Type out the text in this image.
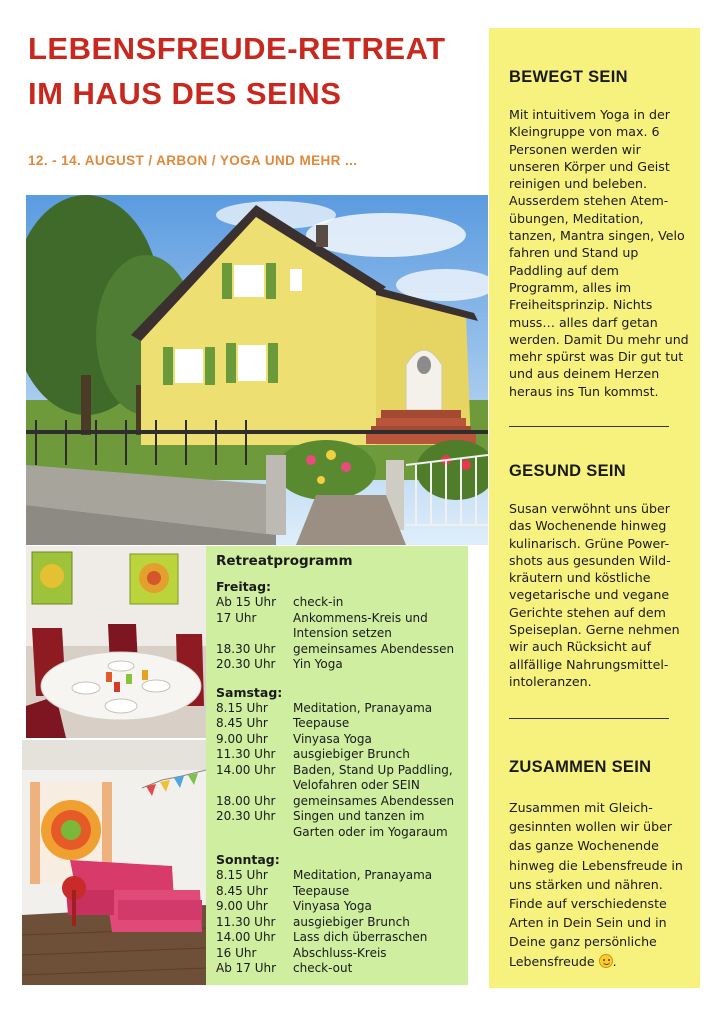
LEBENSFREUDE-RETREAT
IM HAUS DES SEINS
12. - 14. AUGUST / ARBON / YOGA UND MEHR ...
Retreatprogramm
Freitag:
Ab 15 Uhr	check-in
17 Uhr	Ankommens-Kreis und Intension setzen
18.30 Uhr	gemeinsames Abendessen
20.30 Uhr	Yin Yoga
Samstag:
8.15 Uhr	Meditation, Pranayama
8.45 Uhr	Teepause
9.00 Uhr	Vinyasa Yoga
11.30 Uhr	ausgiebiger Brunch
14.00 Uhr	Baden, Stand Up Paddling, Velofahren oder SEIN
18.00 Uhr	gemeinsames Abendessen
20.30 Uhr	Singen und tanzen im Garten oder im Yogaraum
Sonntag:
8.15 Uhr	Meditation, Pranayama
8.45 Uhr	Teepause
9.00 Uhr	Vinyasa Yoga
11.30 Uhr	ausgiebiger Brunch
14.00 Uhr	Lass dich überraschen
16 Uhr	Abschluss-Kreis
Ab 17 Uhr	check-out
BEWEGT SEIN
Mit intuitivem Yoga in der Kleingruppe von max. 6 Personen werden wir unseren Körper und Geist reinigen und beleben. Ausserdem stehen Atem-übungen, Meditation, tanzen, Mantra singen, Velo fahren und Stand up Paddling auf dem Programm, alles im Freiheitsprinzip. Nichts muss… alles darf getan werden. Damit Du mehr und mehr spürst was Dir gut tut und aus deinem Herzen heraus ins Tun kommst.
GESUND SEIN
Susan verwöhnt uns über das Wochenende hinweg kulinarisch. Grüne Power-shots aus gesunden Wild-kräutern und köstliche vegetarische und vegane Gerichte stehen auf dem Speiseplan. Gerne nehmen wir auch Rücksicht auf allfällige Nahrungsmittel-intoleranzen.
ZUSAMMEN SEIN
Zusammen mit Gleich-gesinnten wollen wir über das ganze Wochenende hinweg die Lebensfreude in uns stärken und nähren. Finde auf verschiedenste Arten in Dein Sein und in Deine ganz persönliche Lebensfreude .
